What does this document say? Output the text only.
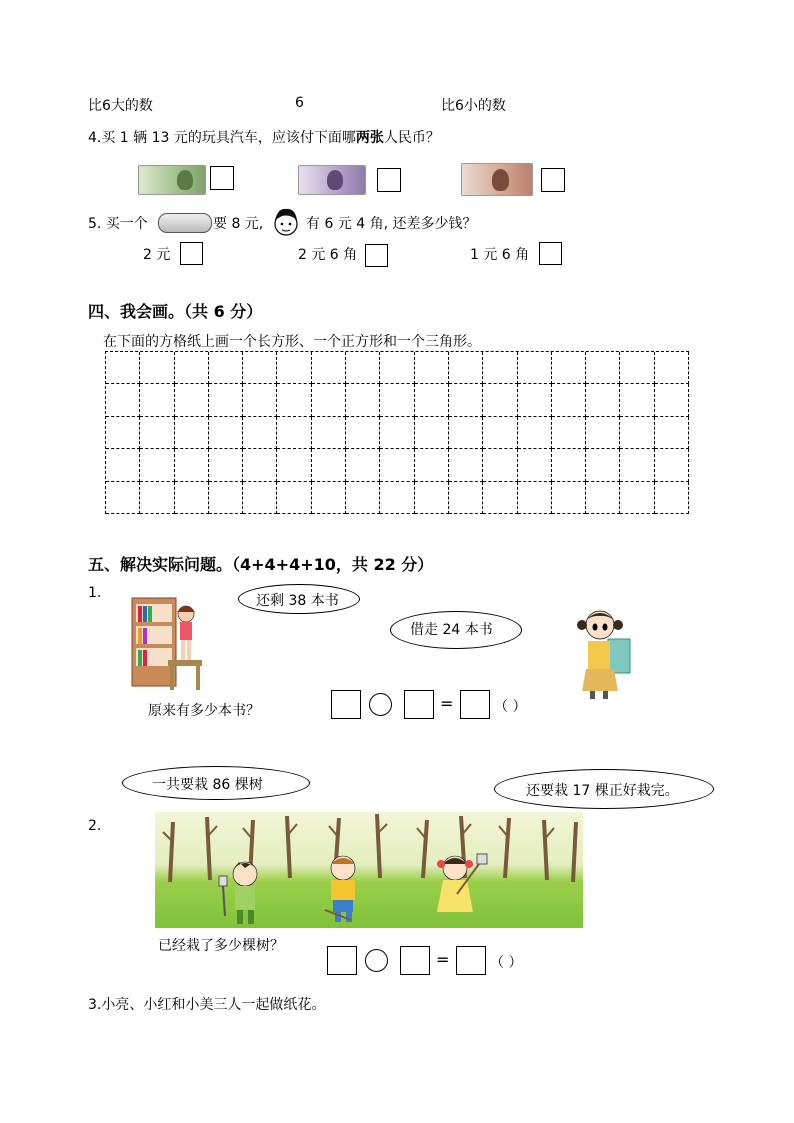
比6大的数	6	比6小的数
4.买 1 辆 13 元的玩具汽车，应该付下面哪两张人民币？
5. 买一个	要 8 元,	有 6 元 4 角, 还差多少钱？
2 元	2 元 6 角	1 元 6 角
四、我会画。（共 6 分）
在下面的方格纸上画一个长方形、一个正方形和一个三角形。
五、解决实际问题。（4+4+4+10，共 22 分）
1.	还剩 38 本书
借走 24 本书
原来有多少本书？	=	（ ）
一共要栽 86 棵树	还要栽 17 棵正好栽完。
2.
已经栽了多少棵树？
=	（ ）
3.小亮、小红和小美三人一起做纸花。
